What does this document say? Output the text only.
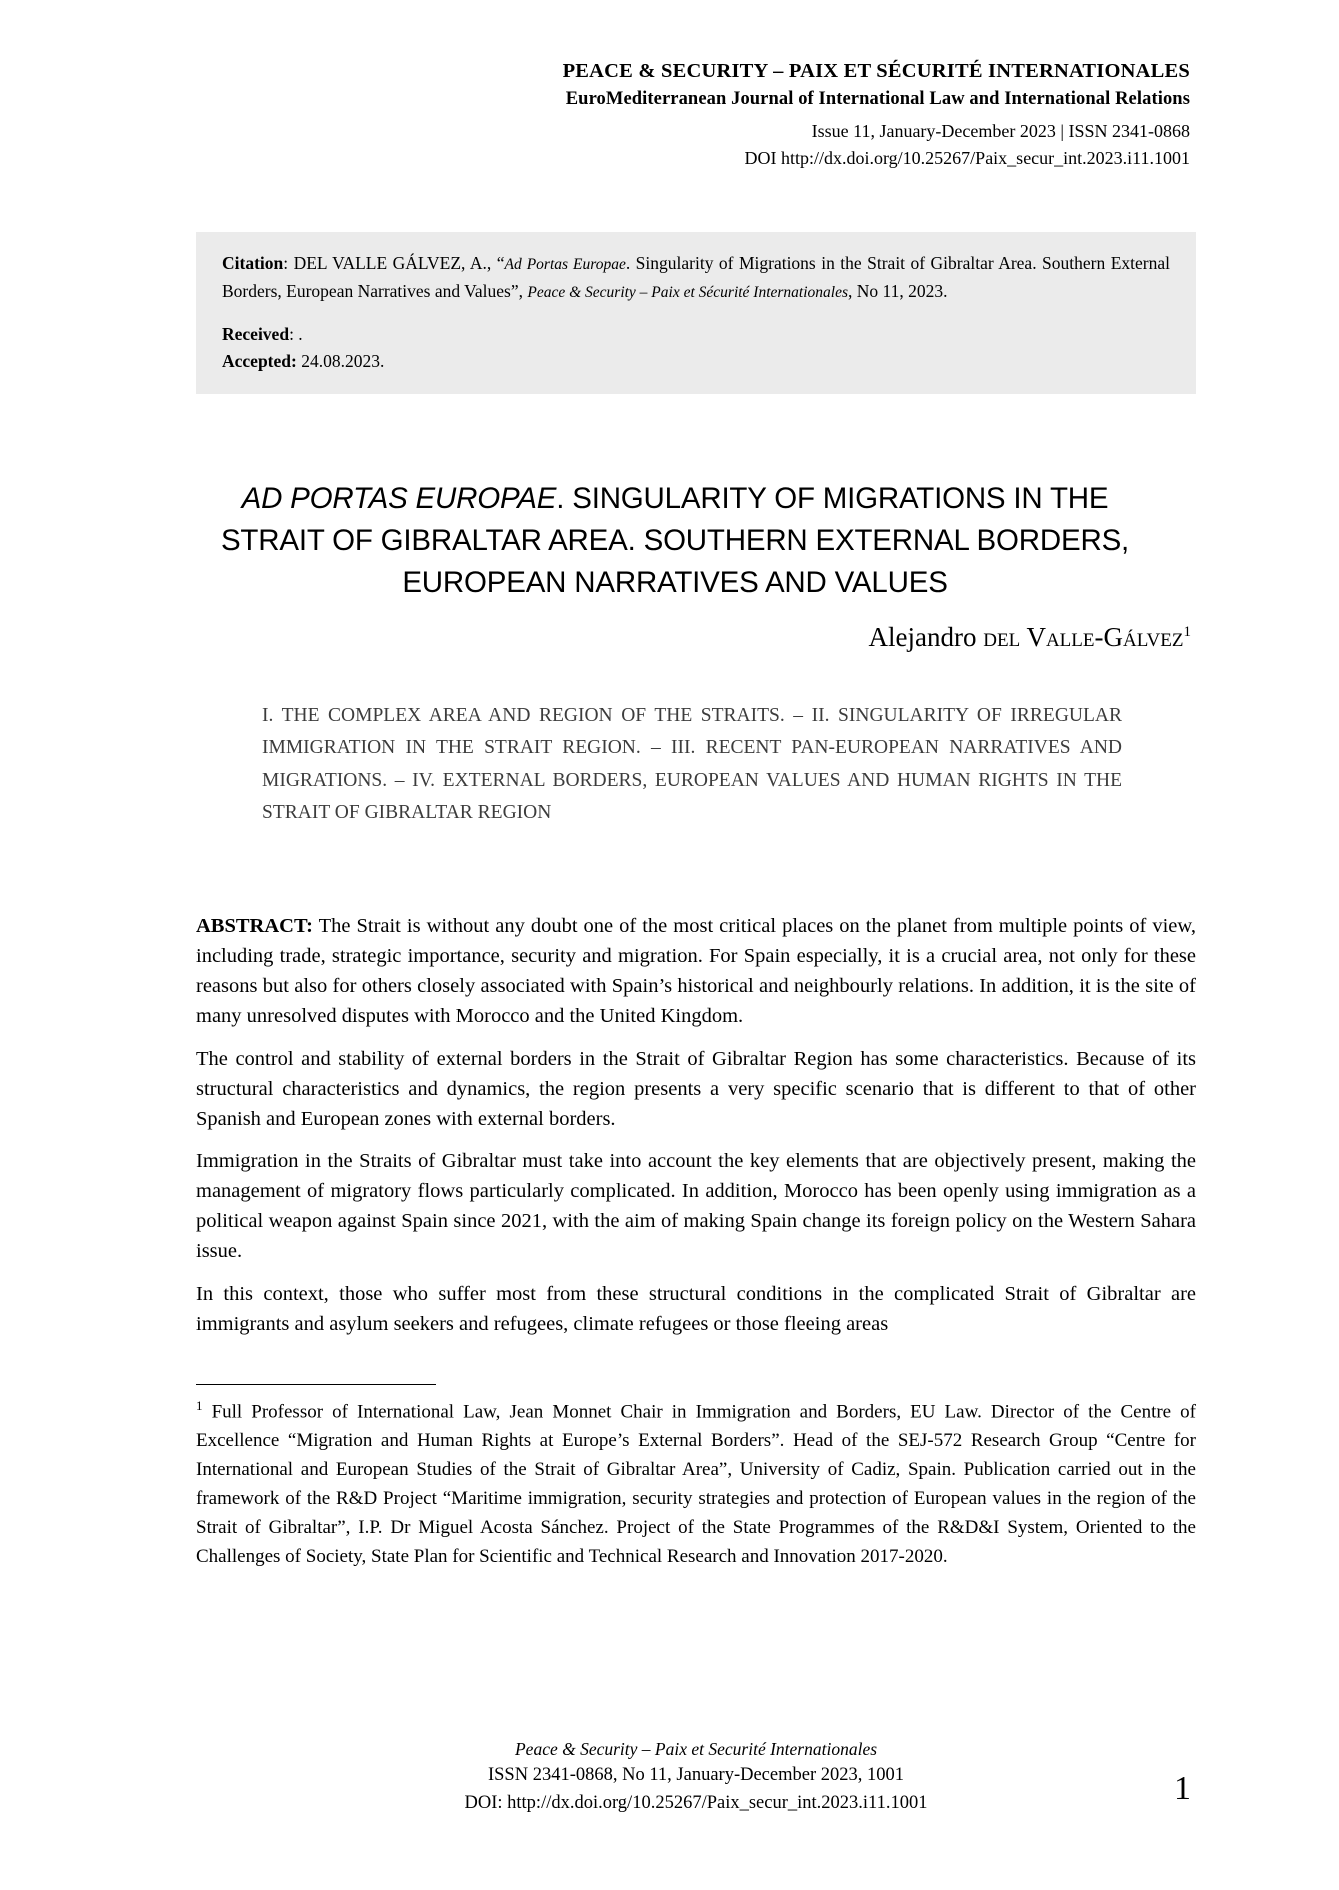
PEACE & SECURITY – PAIX ET SÉCURITÉ INTERNATIONALES
EuroMediterranean Journal of International Law and International Relations
Issue 11, January-December 2023 | ISSN 2341-0868
DOI http://dx.doi.org/10.25267/Paix_secur_int.2023.i11.1001

Citation: DEL VALLE GÁLVEZ, A., “Ad Portas Europae. Singularity of Migrations in the Strait of Gibraltar Area. Southern External Borders, European Narratives and Values”, Peace & Security – Paix et Sécurité Internationales, No 11, 2023.

Received: .

Accepted: 24.08.2023.

AD PORTAS EUROPAE. SINGULARITY OF MIGRATIONS IN THE STRAIT OF GIBRALTAR AREA. SOUTHERN EXTERNAL BORDERS, EUROPEAN NARRATIVES AND VALUES
Alejandro del Valle-Gálvez$^1$
I. THE COMPLEX AREA AND REGION OF THE STRAITS. – II. SINGULARITY OF IRREGULAR IMMIGRATION IN THE STRAIT REGION. – III. RECENT PAN-EUROPEAN NARRATIVES AND MIGRATIONS. – IV. EXTERNAL BORDERS, EUROPEAN VALUES AND HUMAN RIGHTS IN THE STRAIT OF GIBRALTAR REGION

ABSTRACT: The Strait is without any doubt one of the most critical places on the planet from multiple points of view, including trade, strategic importance, security and migration. For Spain especially, it is a crucial area, not only for these reasons but also for others closely associated with Spain’s historical and neighbourly relations. In addition, it is the site of many unresolved disputes with Morocco and the United Kingdom.

The control and stability of external borders in the Strait of Gibraltar Region has some characteristics. Because of its structural characteristics and dynamics, the region presents a very specific scenario that is different to that of other Spanish and European zones with external borders.

Immigration in the Straits of Gibraltar must take into account the key elements that are objectively present, making the management of migratory flows particularly complicated. In addition, Morocco has been openly using immigration as a political weapon against Spain since 2021, with the aim of making Spain change its foreign policy on the Western Sahara issue.

In this context, those who suffer most from these structural conditions in the complicated Strait of Gibraltar are immigrants and asylum seekers and refugees, climate refugees or those fleeing areas

$^1$ Full Professor of International Law, Jean Monnet Chair in Immigration and Borders, EU Law. Director of the Centre of Excellence “Migration and Human Rights at Europe’s External Borders”. Head of the SEJ-572 Research Group “Centre for International and European Studies of the Strait of Gibraltar Area”, University of Cadiz, Spain. Publication carried out in the framework of the R&D Project “Maritime immigration, security strategies and protection of European values in the region of the Strait of Gibraltar”, I.P. Dr Miguel Acosta Sánchez. Project of the State Programmes of the R&D&I System, Oriented to the Challenges of Society, State Plan for Scientific and Technical Research and Innovation 2017-2020.
Peace & Security – Paix et Securité Internationales
ISSN 2341-0868, No 11, January-December 2023, 1001
DOI: http://dx.doi.org/10.25267/Paix_secur_int.2023.i11.1001	1
